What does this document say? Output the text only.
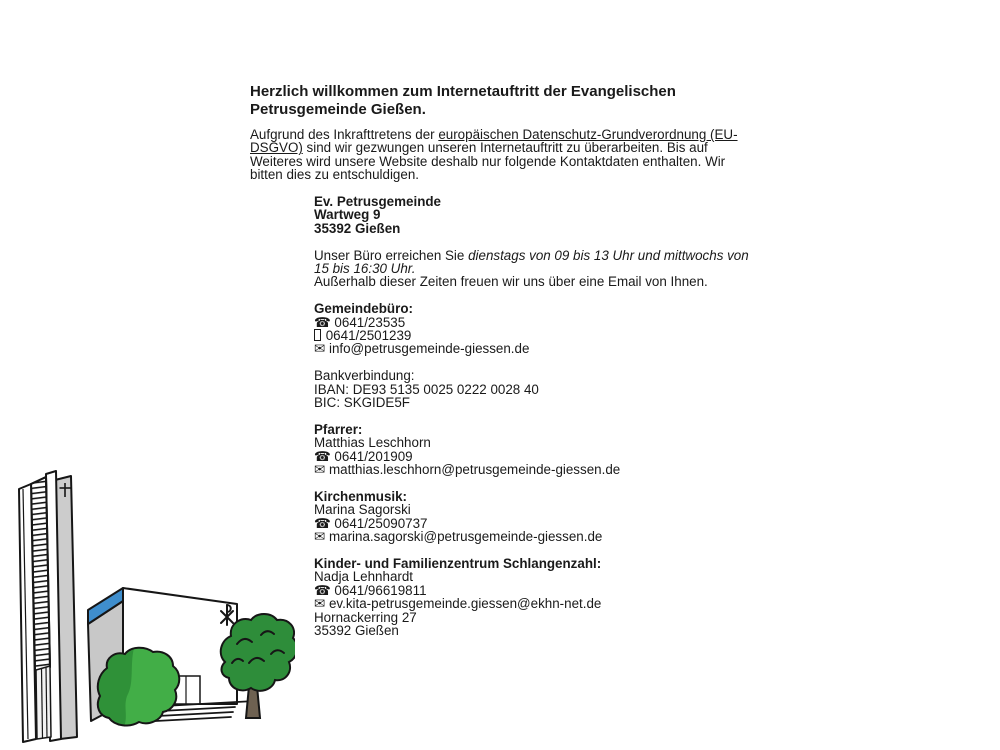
Herzlich willkommen zum Internetauftritt der Evangelischen Petrusgemeinde Gießen.

Aufgrund des Inkrafttretens der europäischen Datenschutz-Grundverordnung (EU-DSGVO) sind wir gezwungen unseren Internetauftritt zu überarbeiten. Bis auf Weiteres wird unsere Website deshalb nur folgende Kontaktdaten enthalten. Wir bitten dies zu entschuldigen.

Ev. Petrusgemeinde
Wartweg 9
35392 Gießen
Unser Büro erreichen Sie dienstags von 09 bis 13 Uhr und mittwochs von 15 bis 16:30 Uhr.
Außerhalb dieser Zeiten freuen wir uns über eine Email von Ihnen.
Gemeindebüro:
☎ 0641/23535
0641/2501239
✉ info@petrusgemeinde-giessen.de
Bankverbindung:
IBAN: DE93 5135 0025 0222 0028 40
BIC: SKGIDE5F
Pfarrer:
Matthias Leschhorn
☎ 0641/201909
✉ matthias.leschhorn@petrusgemeinde-giessen.de
Kirchenmusik:
Marina Sagorski
☎ 0641/25090737
✉ marina.sagorski@petrusgemeinde-giessen.de
Kinder- und Familienzentrum Schlangenzahl:
Nadja Lehnhardt
☎ 0641/96619811
✉ ev.kita-petrusgemeinde.giessen@ekhn-net.de
Hornackerring 27
35392 Gießen
